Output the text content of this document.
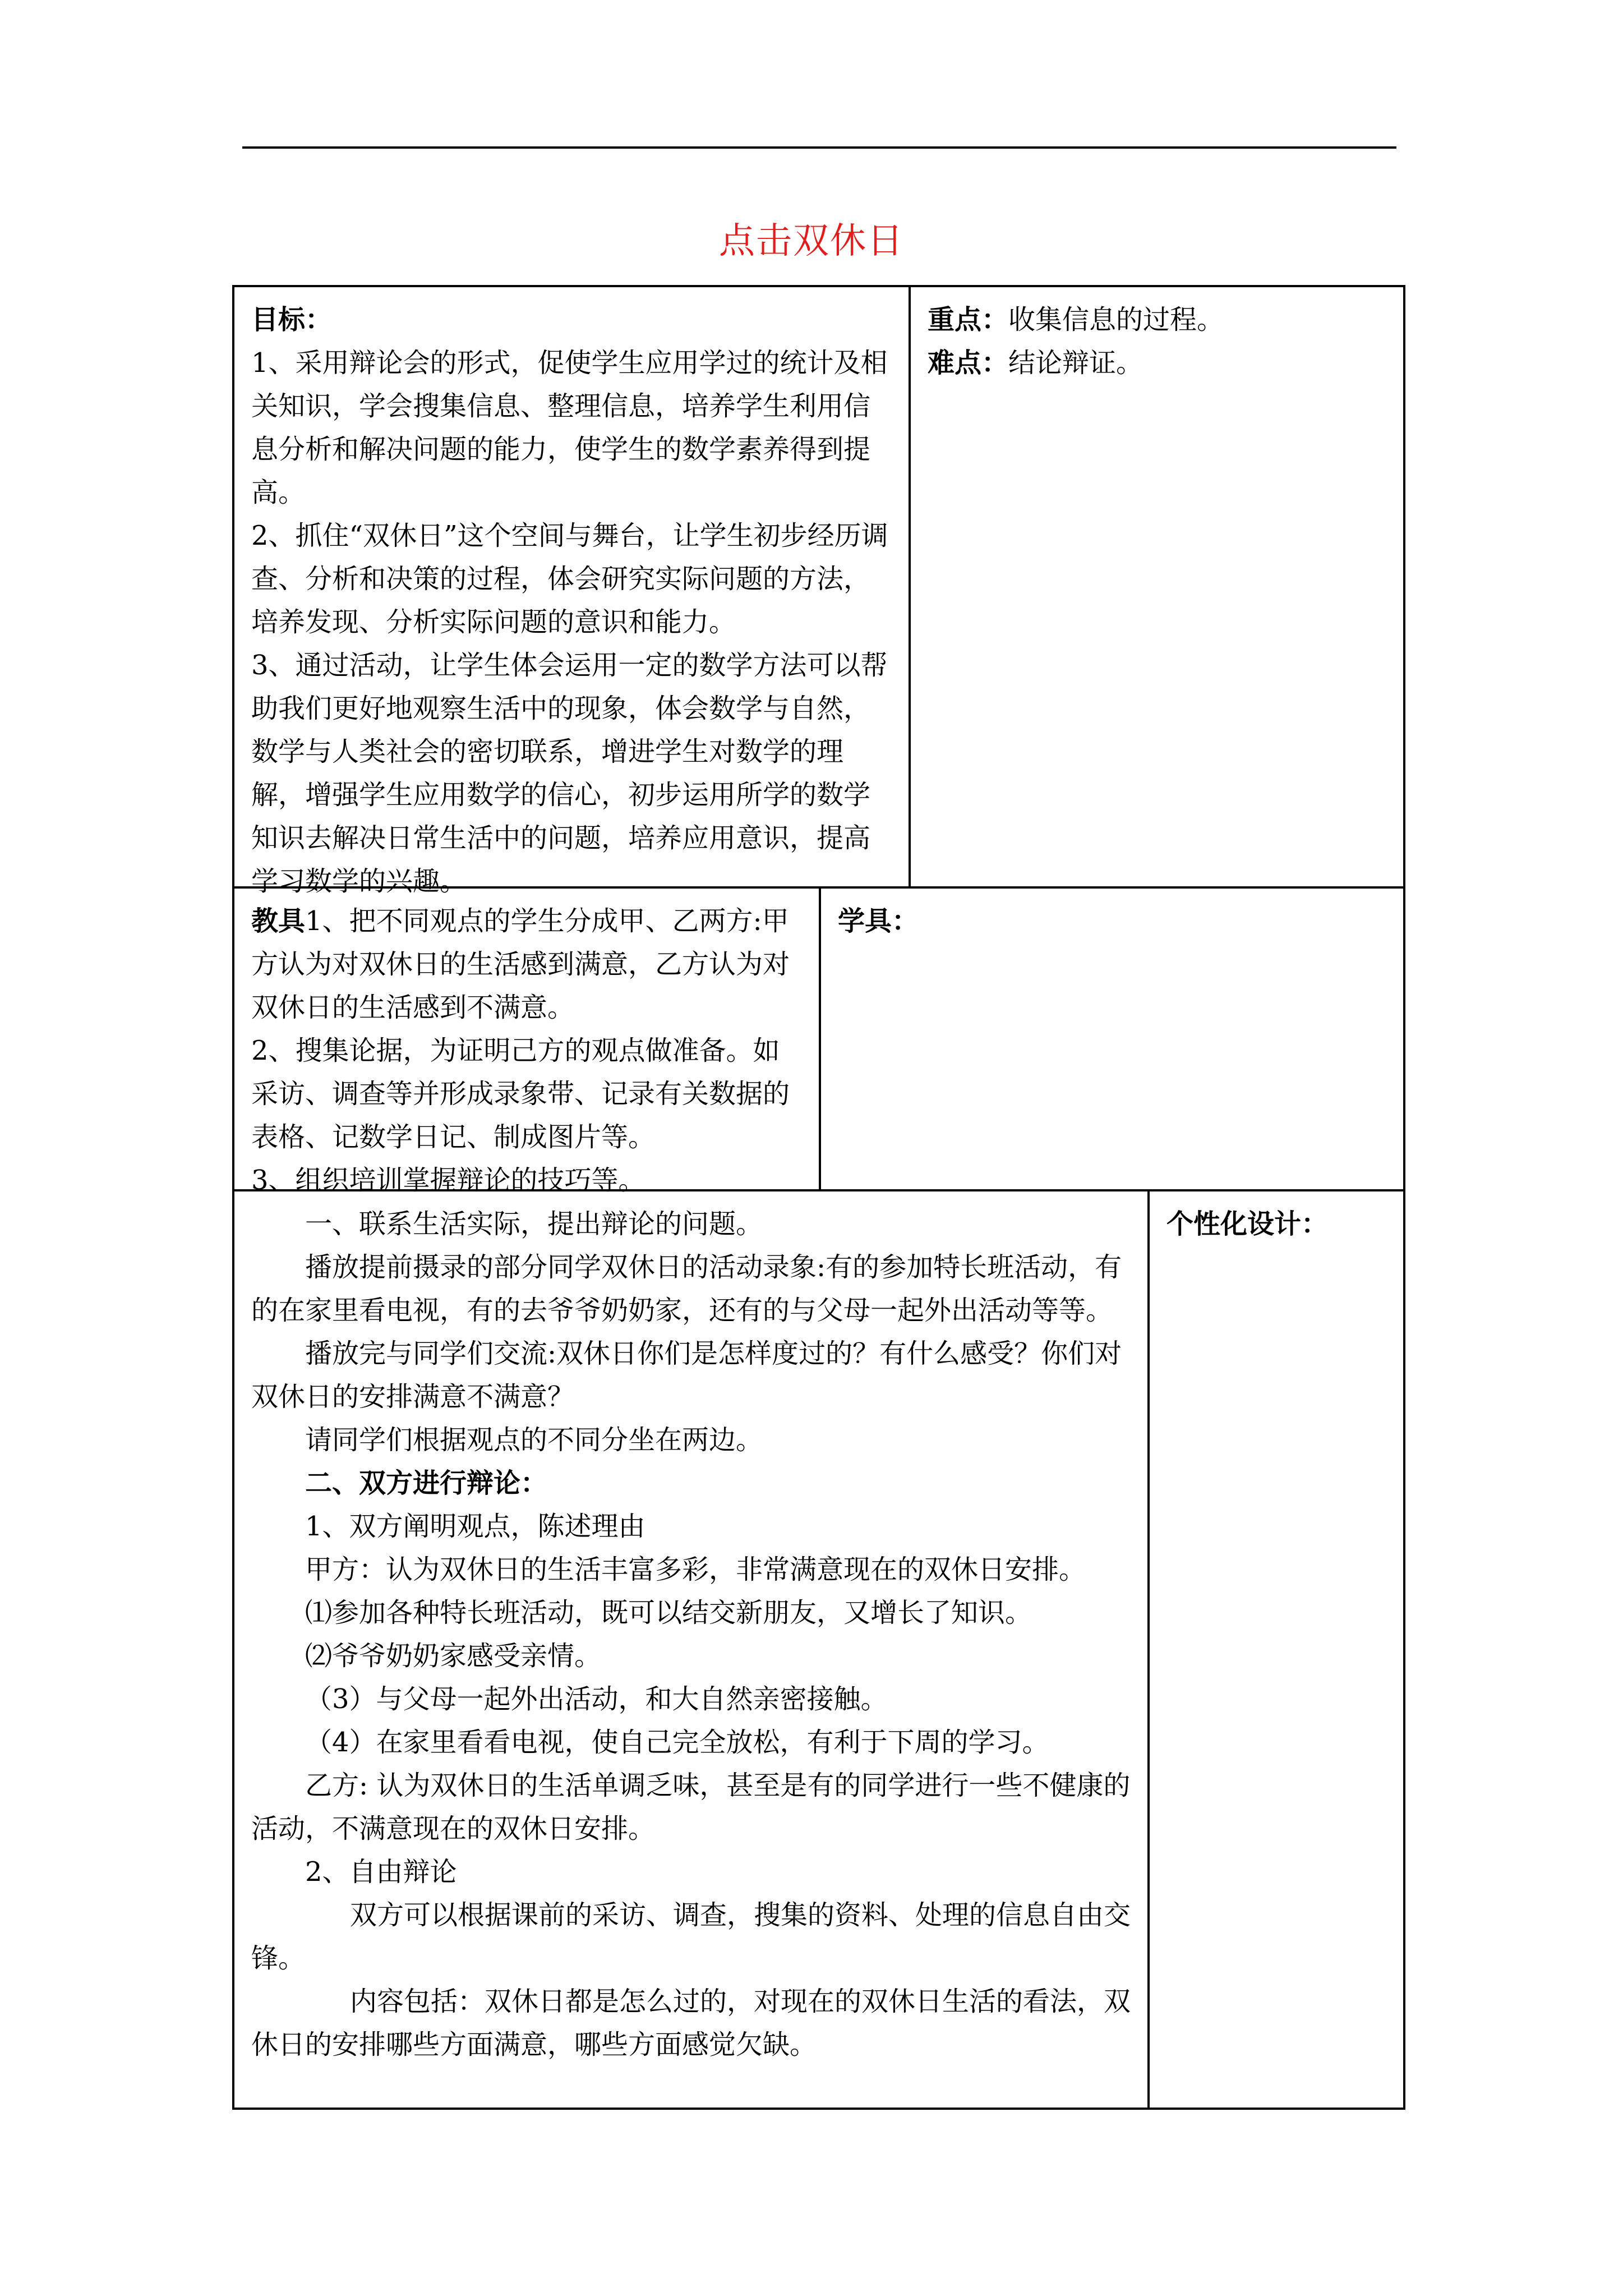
点击双休日

目标：

1、采用辩论会的形式，促使学生应用学过的统计及相关知识，学会搜集信息、整理信息，培养学生利用信息分析和解决问题的能力，使学生的数学素养得到提高。

2、抓住“双休日”这个空间与舞台，让学生初步经历调查、分析和决策的过程，体会研究实际问题的方法，培养发现、分析实际问题的意识和能力。

3、通过活动，让学生体会运用一定的数学方法可以帮助我们更好地观察生活中的现象，体会数学与自然，数学与人类社会的密切联系，增进学生对数学的理解，增强学生应用数学的信心，初步运用所学的数学知识去解决日常生活中的问题，培养应用意识，提高学习数学的兴趣。

重点：收集信息的过程。

难点：结论辩证。

教具1、把不同观点的学生分成甲、乙两方:甲方认为对双休日的生活感到满意，乙方认为对双休日的生活感到不满意。

2、搜集论据，为证明己方的观点做准备。如采访、调查等并形成录象带、记录有关数据的表格、记数学日记、制成图片等。

3、组织培训掌握辩论的技巧等。

学具：

一、联系生活实际，提出辩论的问题。

播放提前摄录的部分同学双休日的活动录象:有的参加特长班活动，有的在家里看电视，有的去爷爷奶奶家，还有的与父母一起外出活动等等。

播放完与同学们交流:双休日你们是怎样度过的？有什么感受？你们对双休日的安排满意不满意？

请同学们根据观点的不同分坐在两边。

二、双方进行辩论：

1、双方阐明观点，陈述理由

甲方：认为双休日的生活丰富多彩，非常满意现在的双休日安排。

⑴参加各种特长班活动，既可以结交新朋友，又增长了知识。

⑵爷爷奶奶家感受亲情。

（3）与父母一起外出活动，和大自然亲密接触。

（4）在家里看看电视，使自己完全放松，有利于下周的学习。

乙方: 认为双休日的生活单调乏味，甚至是有的同学进行一些不健康的活动，不满意现在的双休日安排。

2、自由辩论

双方可以根据课前的采访、调查，搜集的资料、处理的信息自由交锋。

内容包括：双休日都是怎么过的，对现在的双休日生活的看法，双休日的安排哪些方面满意，哪些方面感觉欠缺。

个性化设计：
